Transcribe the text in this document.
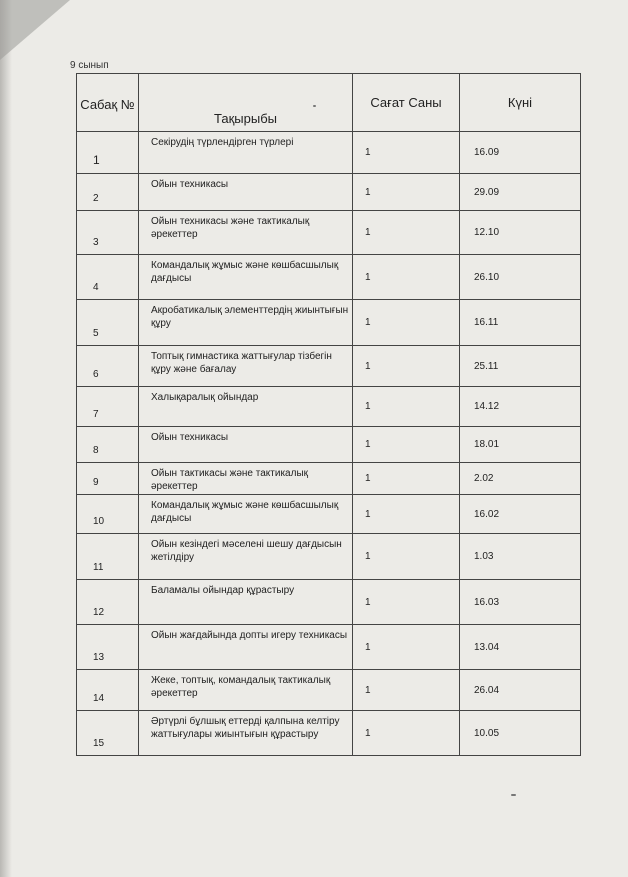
9 сынып
Сабақ №	Тақырыбы	Сағат Саны	Күні
1	Секірудің түрлендірген түрлері	1	16.09
2	Ойын техникасы	1	29.09
3	Ойын техникасы және тактикалық әрекеттер	1	12.10
4	Командалық жұмыс және көшбасшылық дағдысы	1	26.10
5	Акробатикалық элементтердің жиынтығын құру	1	16.11
6	Топтық гимнастика жаттығулар тізбегін құру және бағалау	1	25.11
7	Халықаралық ойындар	1	14.12
8	Ойын техникасы	1	18.01
9	Ойын тактикасы және тактикалық әрекеттер	1	2.02
10	Командалық жұмыс және көшбасшылық дағдысы	1	16.02
11	Ойын кезіндегі мәселені шешу дағдысын жетілдіру	1	1.03
12	Баламалы ойындар құрастыру	1	16.03
13	Ойын жағдайында допты игеру техникасы	1	13.04
14	Жеке, топтық, командалық тактикалық әрекеттер	1	26.04
15	Әртүрлі бұлшық еттерді қалпына келтіру жаттығулары жиынтығын құрастыру	1	10.05
